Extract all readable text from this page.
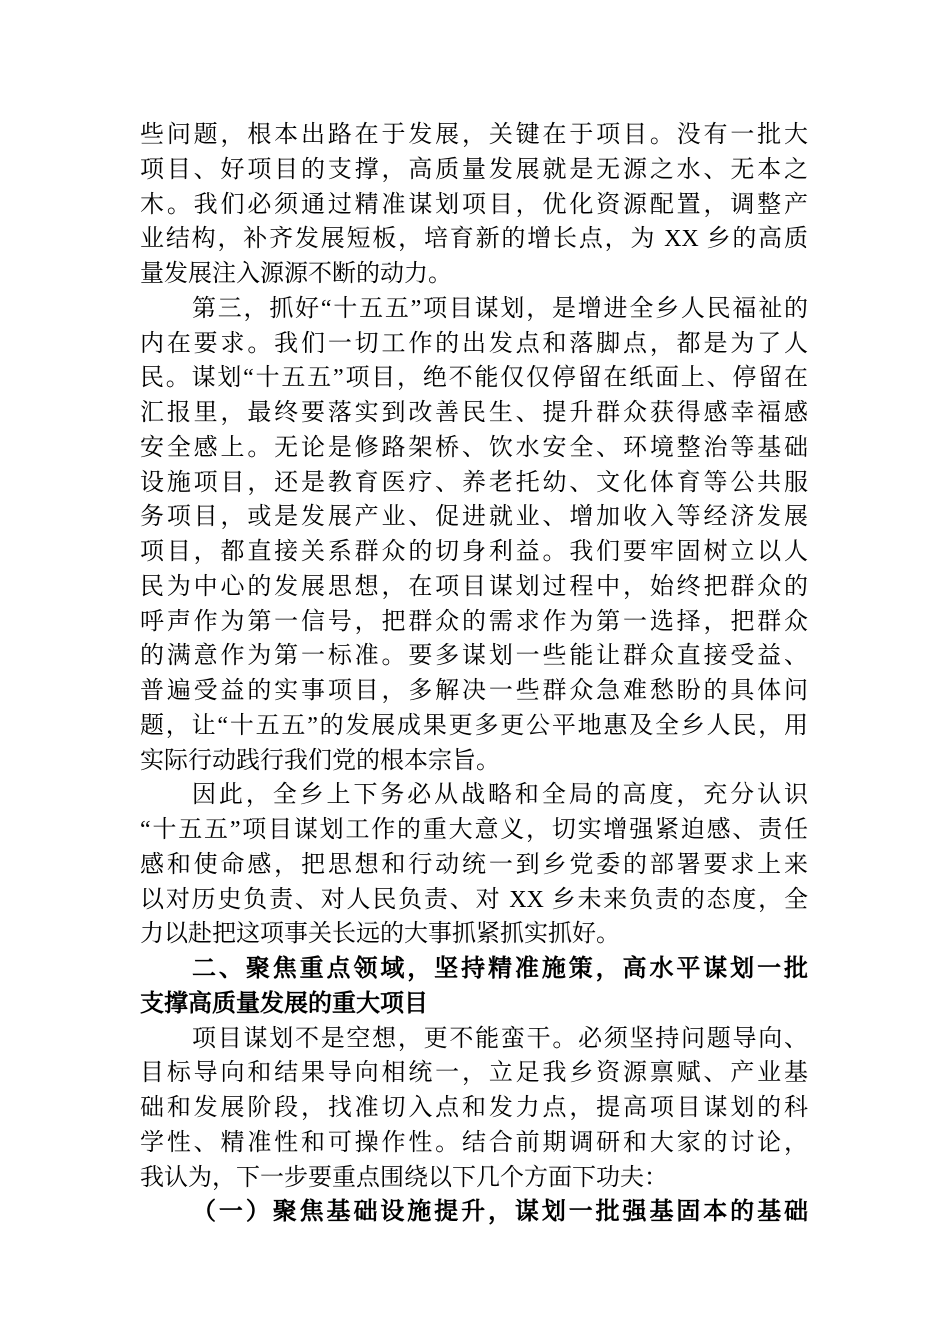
些问题，根本出路在于发展，关键在于项目。没有一批大
项目、好项目的支撑，高质量发展就是无源之水、无本之
木。我们必须通过精准谋划项目，优化资源配置，调整产
业结构，补齐发展短板，培育新的增长点，为 XX 乡的高质
量发展注入源源不断的动力。
第三，抓好“十五五”项目谋划，是增进全乡人民福祉的
内在要求。我们一切工作的出发点和落脚点，都是为了人
民。谋划“十五五”项目，绝不能仅仅停留在纸面上、停留在
汇报里，最终要落实到改善民生、提升群众获得感幸福感
安全感上。无论是修路架桥、饮水安全、环境整治等基础
设施项目，还是教育医疗、养老托幼、文化体育等公共服
务项目，或是发展产业、促进就业、增加收入等经济发展
项目，都直接关系群众的切身利益。我们要牢固树立以人
民为中心的发展思想，在项目谋划过程中，始终把群众的
呼声作为第一信号，把群众的需求作为第一选择，把群众
的满意作为第一标准。要多谋划一些能让群众直接受益、
普遍受益的实事项目，多解决一些群众急难愁盼的具体问
题，让“十五五”的发展成果更多更公平地惠及全乡人民，用
实际行动践行我们党的根本宗旨。
因此，全乡上下务必从战略和全局的高度，充分认识
“十五五”项目谋划工作的重大意义，切实增强紧迫感、责任
感和使命感，把思想和行动统一到乡党委的部署要求上来
以对历史负责、对人民负责、对 XX 乡未来负责的态度，全
力以赴把这项事关长远的大事抓紧抓实抓好。
二、聚焦重点领域，坚持精准施策，高水平谋划一批
支撑高质量发展的重大项目
项目谋划不是空想，更不能蛮干。必须坚持问题导向、
目标导向和结果导向相统一，立足我乡资源禀赋、产业基
础和发展阶段，找准切入点和发力点，提高项目谋划的科
学性、精准性和可操作性。结合前期调研和大家的讨论，
我认为，下一步要重点围绕以下几个方面下功夫：
（一）聚焦基础设施提升，谋划一批强基固本的基础
